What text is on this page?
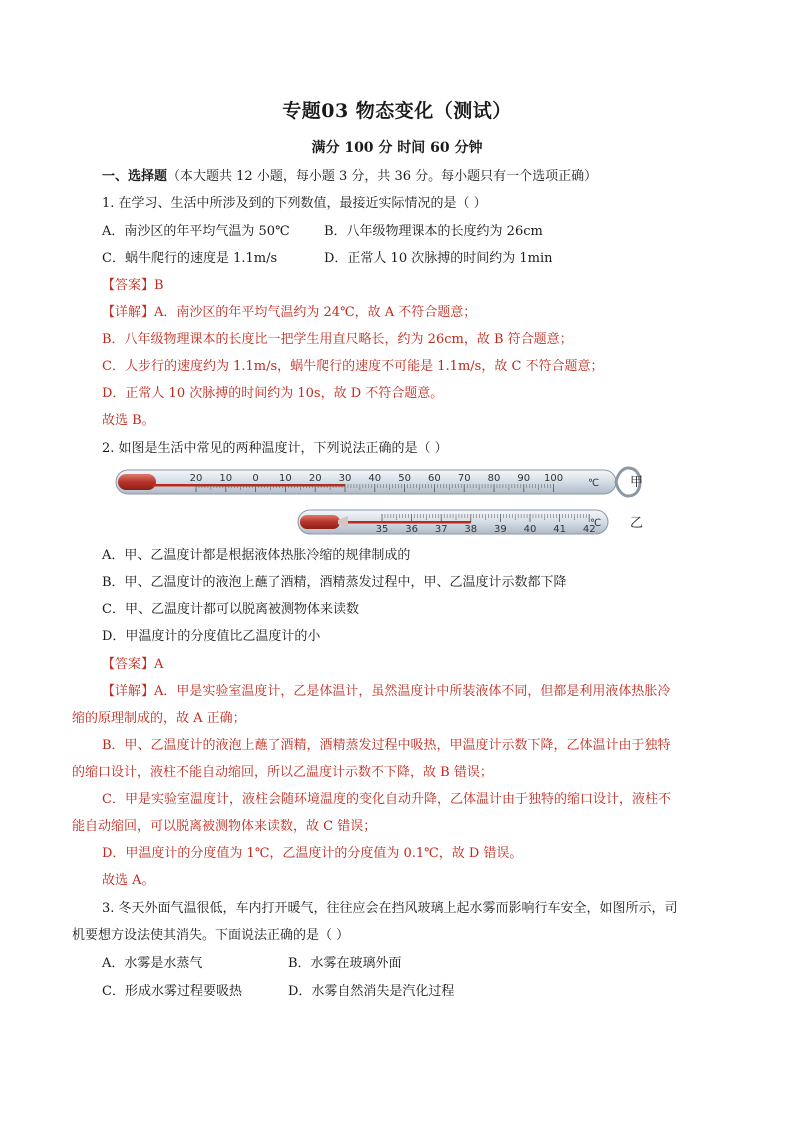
专题03 物态变化（测试）
满分 100 分 时间 60 分钟
一、选择题（本大题共 12 小题，每小题 3 分，共 36 分。每小题只有一个选项正确）
1. 在学习、生活中所涉及到的下列数值，最接近实际情况的是（ ）
A．南沙区的年平均气温为 50℃	B．八年级物理课本的长度约为 26cm
C．蜗牛爬行的速度是 1.1m/s	D．正常人 10 次脉搏的时间约为 1min
【答案】B
【详解】A．南沙区的年平均气温约为 24℃，故 A 不符合题意；
B．八年级物理课本的长度比一把学生用直尺略长，约为 26cm，故 B 符合题意；
C．人步行的速度约为 1.1m/s，蜗牛爬行的速度不可能是 1.1m/s，故 C 不符合题意；
D．正常人 10 次脉搏的时间约为 10s，故 D 不符合题意。
故选 B。
2. 如图是生活中常见的两种温度计，下列说法正确的是（ ）
20 10 0 10 20 30 40 50 60 70 80 90 100 ℃ 甲
35 36 37 38 39 40 41 42
℃ 乙
A．甲、乙温度计都是根据液体热胀冷缩的规律制成的
B．甲、乙温度计的液泡上蘸了酒精，酒精蒸发过程中，甲、乙温度计示数都下降
C．甲、乙温度计都可以脱离被测物体来读数
D．甲温度计的分度值比乙温度计的小
【答案】A
【详解】A．甲是实验室温度计，乙是体温计，虽然温度计中所装液体不同，但都是利用液体热胀冷
缩的原理制成的，故 A 正确；
B．甲、乙温度计的液泡上蘸了酒精，酒精蒸发过程中吸热，甲温度计示数下降，乙体温计由于独特
的缩口设计，液柱不能自动缩回，所以乙温度计示数不下降，故 B 错误；
C．甲是实验室温度计，液柱会随环境温度的变化自动升降，乙体温计由于独特的缩口设计，液柱不
能自动缩回，可以脱离被测物体来读数，故 C 错误；
D．甲温度计的分度值为 1℃，乙温度计的分度值为 0.1℃，故 D 错误。
故选 A。
3. 冬天外面气温很低，车内打开暖气，往往应会在挡风玻璃上起水雾而影响行车安全，如图所示，司
机要想方设法使其消失。下面说法正确的是（ ）
A．水雾是水蒸气	B．水雾在玻璃外面
C．形成水雾过程要吸热	D．水雾自然消失是汽化过程
